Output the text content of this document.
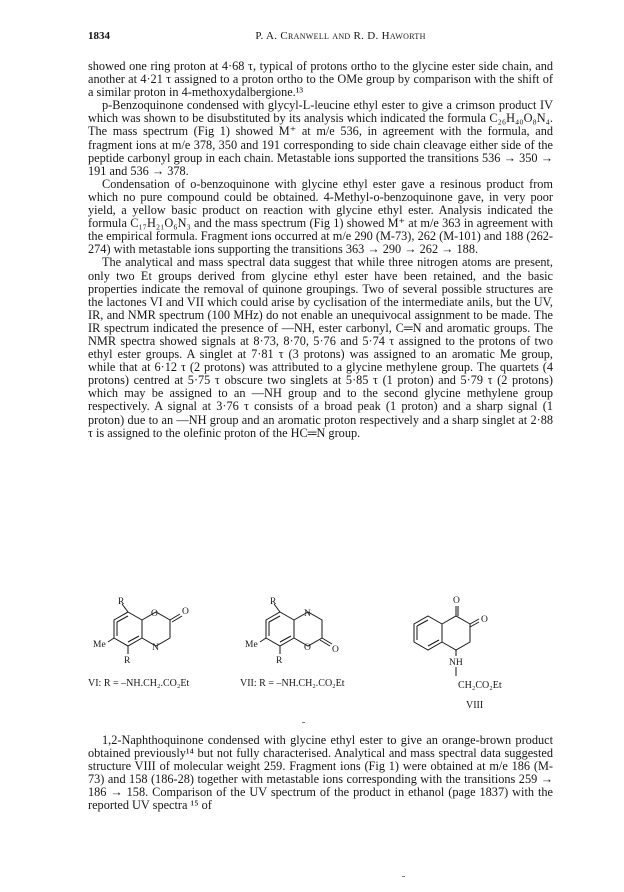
1834	P. A. Cranwell and R. D. Haworth

showed one ring proton at 4·68 τ, typical of protons ortho to the glycine ester side chain, and another at 4·21 τ assigned to a proton ortho to the OMe group by comparison with the shift of a similar proton in 4-methoxydalbergione.¹³

p-Benzoquinone condensed with glycyl-L-leucine ethyl ester to give a crimson product IV which was shown to be disubstituted by its analysis which indicated the formula C₂₆H₄₀O₈N₄. The mass spectrum (Fig 1) showed M⁺ at m/e 536, in agreement with the formula, and fragment ions at m/e 378, 350 and 191 corresponding to side chain cleavage either side of the peptide carbonyl group in each chain. Metastable ions supported the transitions 536 → 350 → 191 and 536 → 378.

Condensation of o-benzoquinone with glycine ethyl ester gave a resinous product from which no pure compound could be obtained. 4-Methyl-o-benzoquinone gave, in very poor yield, a yellow basic product on reaction with glycine ethyl ester. Analysis indicated the formula C₁₇H₂₁O₆N₃ and the mass spectrum (Fig 1) showed M⁺ at m/e 363 in agreement with the empirical formula. Fragment ions occurred at m/e 290 (M-73), 262 (M-101) and 188 (262-274) with metastable ions supporting the transitions 363 → 290 → 262 → 188.

The analytical and mass spectral data suggest that while three nitrogen atoms are present, only two Et groups derived from glycine ethyl ester have been retained, and the basic properties indicate the removal of quinone groupings. Two of several possible structures are the lactones VI and VII which could arise by cyclisation of the intermediate anils, but the UV, IR, and NMR spectrum (100 MHz) do not enable an unequivocal assignment to be made. The IR spectrum indicated the presence of —NH, ester carbonyl, C═N and aromatic groups. The NMR spectra showed signals at 8·73, 8·70, 5·76 and 5·74 τ assigned to the protons of two ethyl ester groups. A singlet at 7·81 τ (3 protons) was assigned to an aromatic Me group, while that at 6·12 τ (2 protons) was attributed to a glycine methylene group. The quartets (4 protons) centred at 5·75 τ obscure two singlets at 5·85 τ (1 proton) and 5·79 τ (2 protons) which may be assigned to an —NH group and to the second glycine methylene group respectively. A signal at 3·76 τ consists of a broad peak (1 proton) and a sharp signal (1 proton) due to an —NH group and an aromatic proton respectively and a sharp singlet at 2·88 τ is assigned to the olefinic proton of the HC═N group.

R
O	O
Me	N
R
R
N
Me	O O
R
O
O
NH
VI: R = –NH.CH₂.CO₂Et	VII: R = –NH.CH₂.CO₂Et	CH₂CO₂Et
VIII

1,2-Naphthoquinone condensed with glycine ethyl ester to give an orange-brown product obtained previously¹⁴ but not fully characterised. Analytical and mass spectral data suggested structure VIII of molecular weight 259. Fragment ions (Fig 1) were obtained at m/e 186 (M-73) and 158 (186-28) together with metastable ions corresponding with the transitions 259 → 186 → 158. Comparison of the UV spectrum of the product in ethanol (page 1837) with the reported UV spectra ¹⁵ of
